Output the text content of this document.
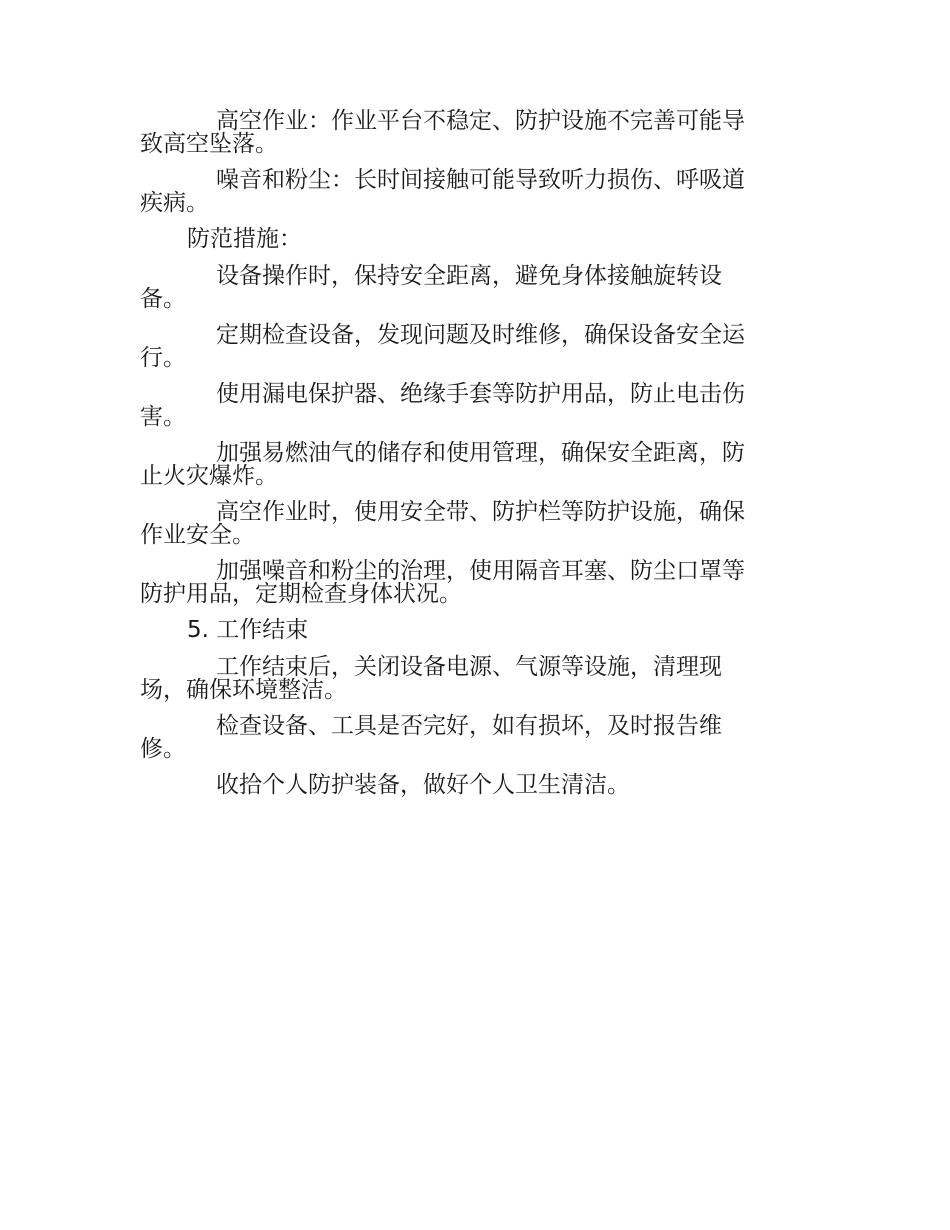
高空作业：作业平台不稳定、防护设施不完善可能导
致高空坠落。
噪音和粉尘：长时间接触可能导致听力损伤、呼吸道
疾病。
防范措施：
设备操作时，保持安全距离，避免身体接触旋转设
备。
定期检查设备，发现问题及时维修，确保设备安全运
行。
使用漏电保护器、绝缘手套等防护用品，防止电击伤
害。
加强易燃油气的储存和使用管理，确保安全距离，防
止火灾爆炸。
高空作业时，使用安全带、防护栏等防护设施，确保
作业安全。
加强噪音和粉尘的治理，使用隔音耳塞、防尘口罩等
防护用品，定期检查身体状况。
5. 工作结束
工作结束后，关闭设备电源、气源等设施，清理现
场，确保环境整洁。
检查设备、工具是否完好，如有损坏，及时报告维
修。
收拾个人防护装备，做好个人卫生清洁。
